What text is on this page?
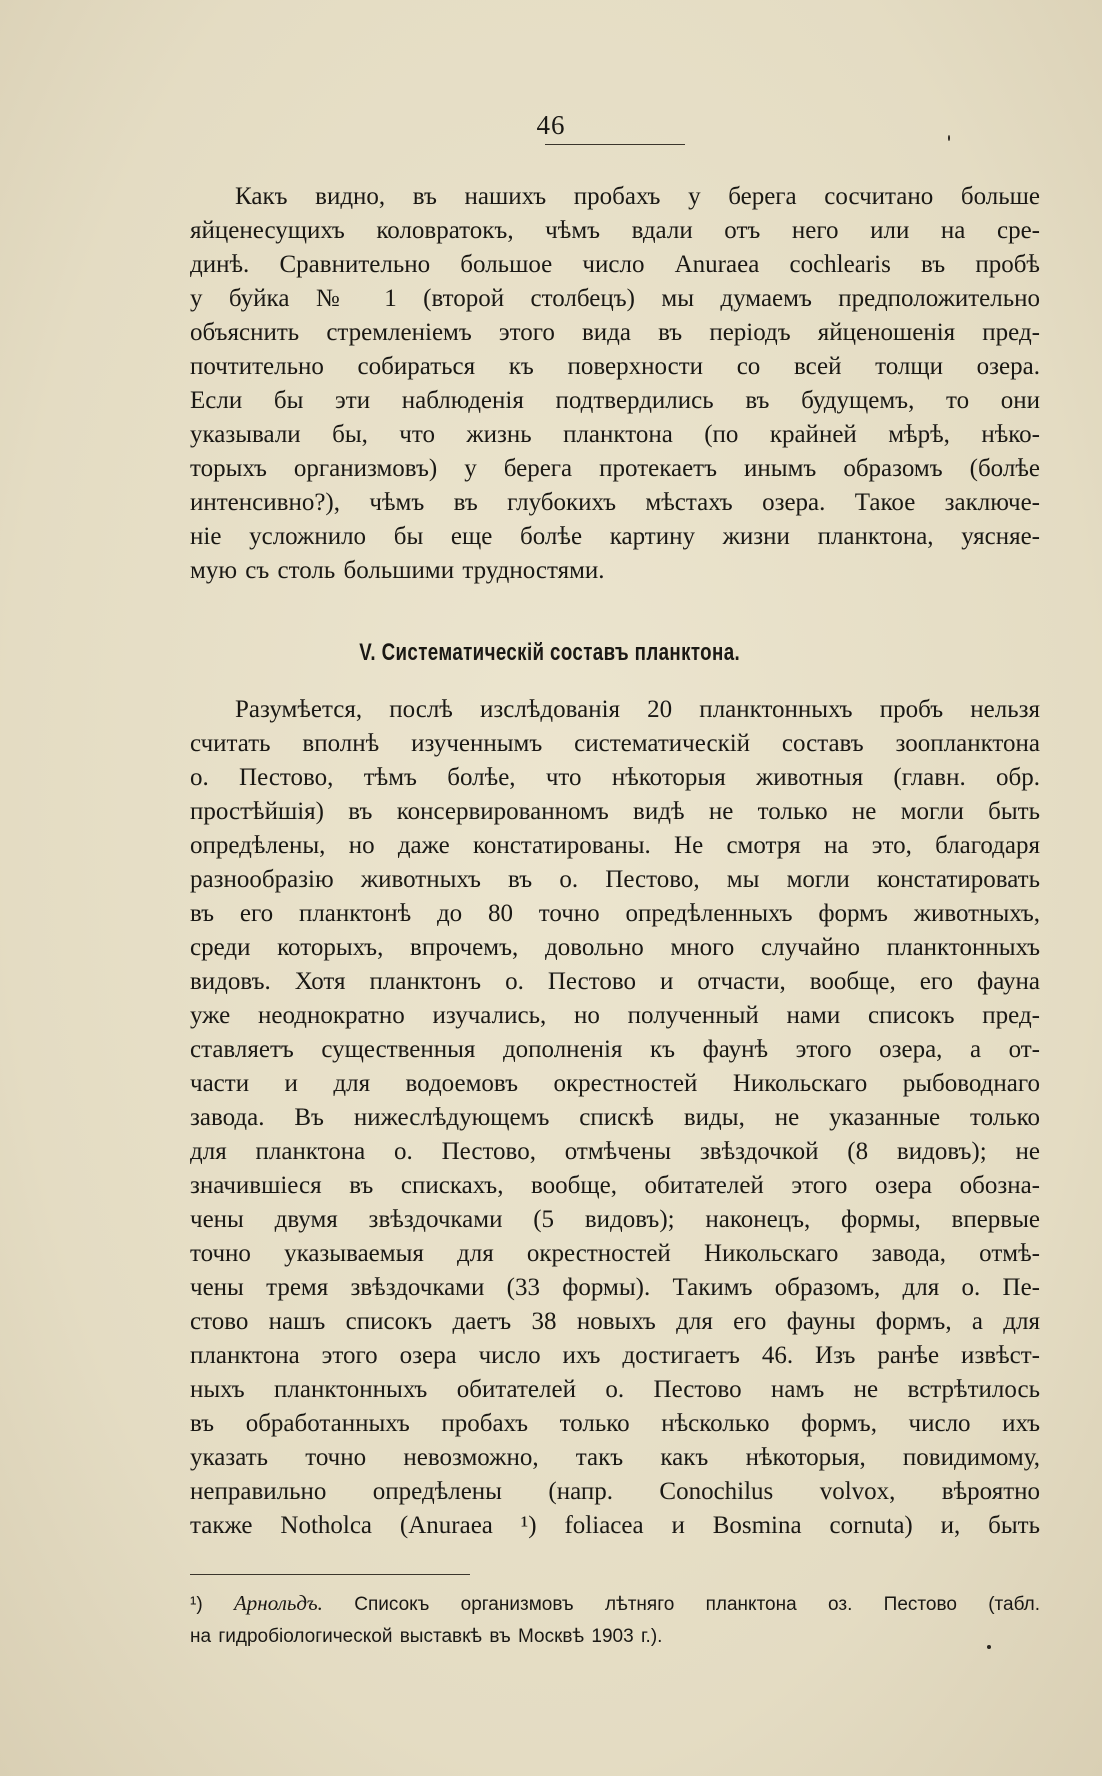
46
Какъ видно, въ нашихъ пробахъ у берега сосчитано больше
яйценесущихъ коловратокъ, чѣмъ вдали отъ него или на сре-
динѣ. Сравнительно большое число Anuraea cochlearis въ пробѣ
у буйка № 1 (второй столбецъ) мы думаемъ предположительно
объяснить стремленіемъ этого вида въ періодъ яйценошенія пред-
почтительно собираться къ поверхности со всей толщи озера.
Если бы эти наблюденія подтвердились въ будущемъ, то они
указывали бы, что жизнь планктона (по крайней мѣрѣ, нѣко-
торыхъ организмовъ) у берега протекаетъ инымъ образомъ (болѣе
интенсивно?), чѣмъ въ глубокихъ мѣстахъ озера. Такое заключе-
ніе усложнило бы еще болѣе картину жизни планктона, уясняе-
мую съ столь большими трудностями.
V. Систематическій составъ планктона.
Разумѣется, послѣ изслѣдованія 20 планктонныхъ пробъ нельзя
считать вполнѣ изученнымъ систематическій составъ зоопланктона
о. Пестово, тѣмъ болѣе, что нѣкоторыя животныя (главн. обр.
простѣйшія) въ консервированномъ видѣ не только не могли быть
опредѣлены, но даже констатированы. Не смотря на это, благодаря
разнообразію животныхъ въ о. Пестово, мы могли констатировать
въ его планктонѣ до 80 точно опредѣленныхъ формъ животныхъ,
среди которыхъ, впрочемъ, довольно много случайно планктонныхъ
видовъ. Хотя планктонъ о. Пестово и отчасти, вообще, его фауна
уже неоднократно изучались, но полученный нами списокъ пред-
ставляетъ существенныя дополненія къ фаунѣ этого озера, а от-
части и для водоемовъ окрестностей Никольскаго рыбоводнаго
завода. Въ нижеслѣдующемъ спискѣ виды, не указанные только
для планктона о. Пестово, отмѣчены звѣздочкой (8 видовъ); не
значившіеся въ спискахъ, вообще, обитателей этого озера обозна-
чены двумя звѣздочками (5 видовъ); наконецъ, формы, впервые
точно указываемыя для окрестностей Никольскаго завода, отмѣ-
чены тремя звѣздочками (33 формы). Такимъ образомъ, для о. Пе-
стово нашъ списокъ даетъ 38 новыхъ для его фауны формъ, а для
планктона этого озера число ихъ достигаетъ 46. Изъ ранѣе извѣст-
ныхъ планктонныхъ обитателей о. Пестово намъ не встрѣтилось
въ обработанныхъ пробахъ только нѣсколько формъ, число ихъ
указать точно невозможно, такъ какъ нѣкоторыя, повидимому,
неправильно опредѣлены (напр. Conochilus volvox, вѣроятно
также Notholca (Anuraea ¹) foliacea и Bosmina cornuta) и, быть
¹) Арнольдъ. Списокъ организмовъ лѣтняго планктона оз. Пестово (табл.
на гидробіологической выставкѣ въ Москвѣ 1903 г.).
